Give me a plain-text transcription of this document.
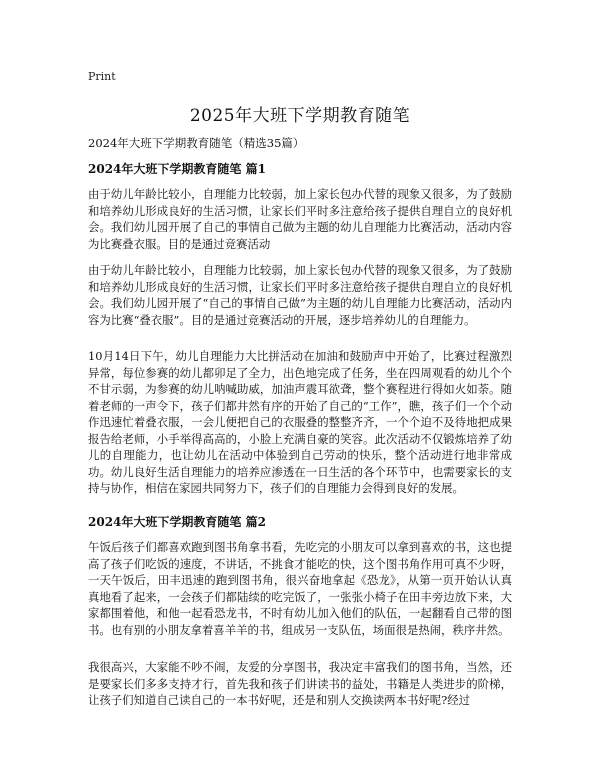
Print
2025年大班下学期教育随笔

2024年大班下学期教育随笔（精选35篇）

2024年大班下学期教育随笔 篇1

由于幼儿年龄比较小，自理能力比较弱，加上家长包办代替的现象又很多，为了鼓励和培养幼儿形成良好的生活习惯，让家长们平时多注意给孩子提供自理自立的良好机会。我们幼儿园开展了自己的事情自己做为主题的幼儿自理能力比赛活动，活动内容为比赛叠衣服。目的是通过竞赛活动

由于幼儿年龄比较小，自理能力比较弱，加上家长包办代替的现象又很多，为了鼓励和培养幼儿形成良好的生活习惯，让家长们平时多注意给孩子提供自理自立的良好机会。我们幼儿园开展了“自己的事情自己做”为主题的幼儿自理能力比赛活动，活动内容为比赛“叠衣服”。目的是通过竞赛活动的开展，逐步培养幼儿的自理能力。

10月14日下午，幼儿自理能力大比拼活动在加油和鼓励声中开始了，比赛过程激烈异常，每位参赛的幼儿都卯足了全力，出色地完成了任务，坐在四周观看的幼儿个个不甘示弱，为参赛的幼儿呐喊助威，加油声震耳欲聋，整个赛程进行得如火如荼。随着老师的一声令下，孩子们都井然有序的开始了自己的“工作”，瞧，孩子们一个个动作迅速忙着叠衣服，一会儿便把自己的衣服叠的整整齐齐，一个个迫不及待地把成果报告给老师，小手举得高高的，小脸上充满自豪的笑容。此次活动不仅锻炼培养了幼儿的自理能力，也让幼儿在活动中体验到自己劳动的快乐，整个活动进行地非常成功。幼儿良好生活自理能力的培养应渗透在一日生活的各个环节中，也需要家长的支持与协作，相信在家园共同努力下，孩子们的自理能力会得到良好的发展。

2024年大班下学期教育随笔 篇2

午饭后孩子们都喜欢跑到图书角拿书看，先吃完的小朋友可以拿到喜欢的书，这也提高了孩子们吃饭的速度，不讲话，不挑食才能吃的快，这个图书角作用可真不少呀，一天午饭后，田丰迅速的跑到图书角，很兴奋地拿起《恐龙》，从第一页开始认认真真地看了起来，一会孩子们都陆续的吃完饭了，一张张小椅子在田丰旁边放下来，大家都围着他，和他一起看恐龙书，不时有幼儿加入他们的队伍，一起翻看自己带的图书。也有别的小朋友拿着喜羊羊的书，组成另一支队伍，场面很是热闹，秩序井然。

我很高兴，大家能不吵不闹，友爱的分享图书，我决定丰富我们的图书角，当然，还是要家长们多多支持才行，首先我和孩子们讲读书的益处，书籍是人类进步的阶梯，让孩子们知道自己读自己的一本书好呢，还是和别人交换读两本书好呢?经过
